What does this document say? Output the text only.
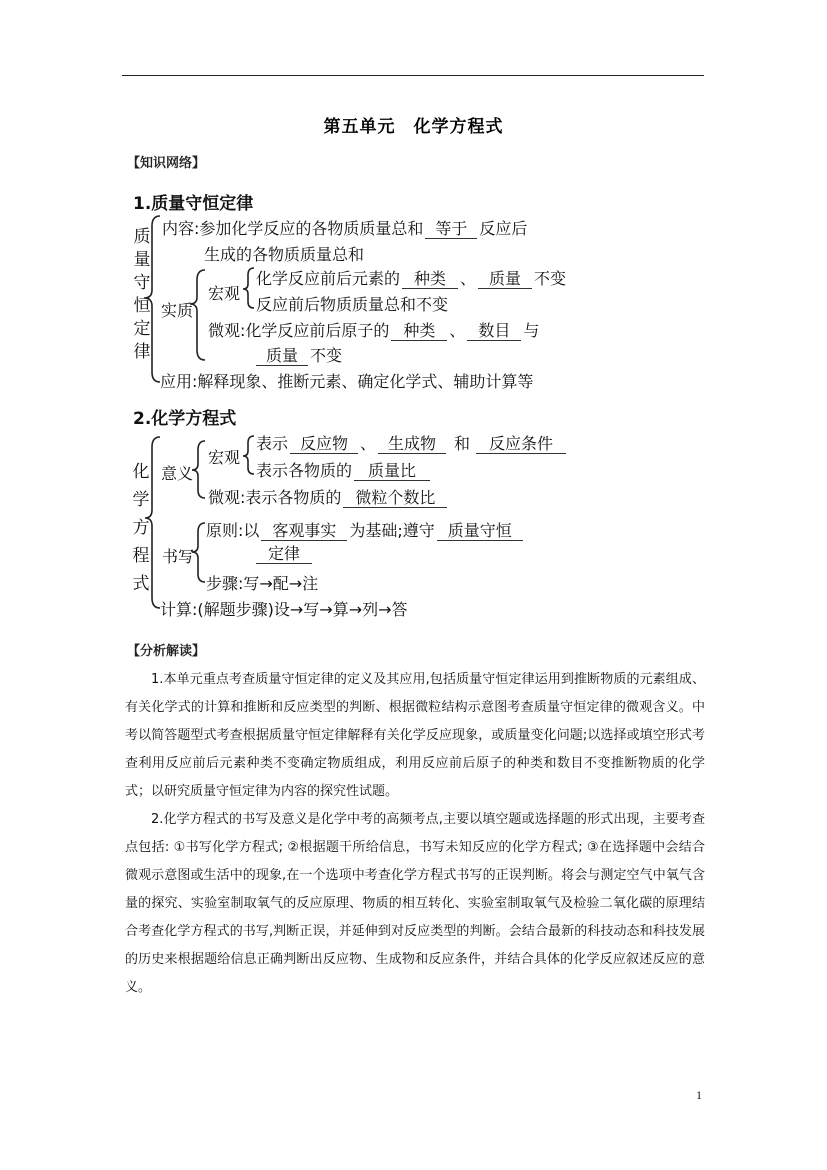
第五单元　化学方程式
【知识网络】
1.质量守恒定律
质量守恒定律
内容:参加化学反应的各物质质量总和 等于 反应后
生成的各物质质量总和
实质
宏观
化学反应前后元素的 种类 、 质量 不变
反应前后物质质量总和不变
微观:化学反应前后原子的 种类 、 数目 与
质量 不变
应用:解释现象、推断元素、确定化学式、辅助计算等
2.化学方程式
化学方程式
意义
宏观
表示 反应物 、 生成物 和 反应条件
表示各物质的 质量比
微观:表示各物质的 微粒个数比
书写
原则:以 客观事实 为基础;遵守 质量守恒
定律
步骤:写→配→注
计算:(解题步骤)设→写→算→列→答
【分析解读】

1.本单元重点考查质量守恒定律的定义及其应用,包括质量守恒定律运用到推断物质的元素组成、有关化学式的计算和推断和反应类型的判断、根据微粒结构示意图考查质量守恒定律的微观含义。中考以简答题型式考查根据质量守恒定律解释有关化学反应现象，或质量变化问题;以选择或填空形式考查利用反应前后元素种类不变确定物质组成，利用反应前后原子的种类和数目不变推断物质的化学式；以研究质量守恒定律为内容的探究性试题。

2.化学方程式的书写及意义是化学中考的高频考点,主要以填空题或选择题的形式出现，主要考查点包括: ①书写化学方程式; ②根据题干所给信息，书写未知反应的化学方程式; ③在选择题中会结合微观示意图或生活中的现象,在一个选项中考查化学方程式书写的正误判断。将会与测定空气中氧气含量的探究、实验室制取氧气的反应原理、物质的相互转化、实验室制取氧气及检验二氧化碳的原理结合考查化学方程式的书写,判断正误，并延伸到对反应类型的判断。会结合最新的科技动态和科技发展的历史来根据题给信息正确判断出反应物、生成物和反应条件，并结合具体的化学反应叙述反应的意义。

1
